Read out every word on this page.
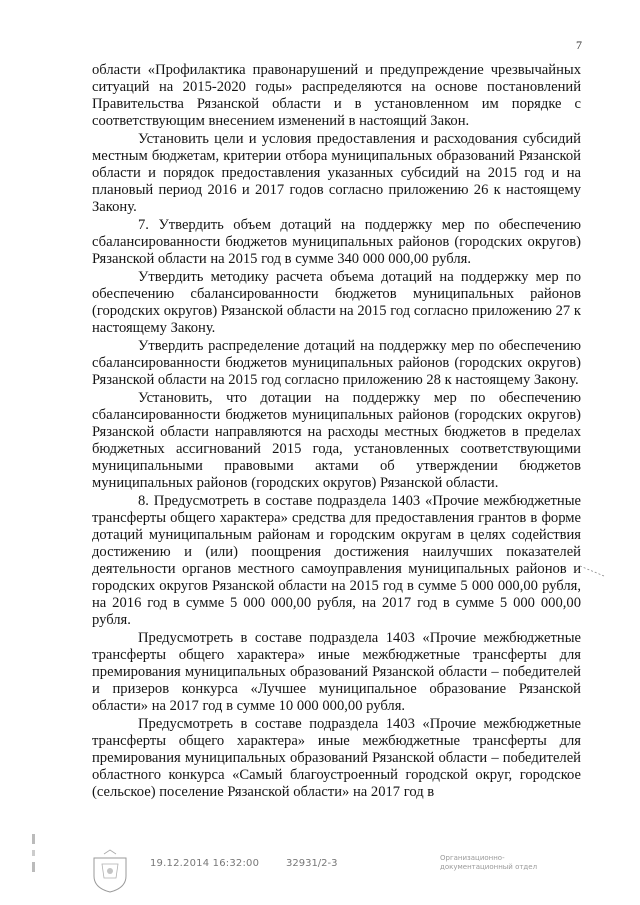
7

области «Профилактика правонарушений и предупреждение чрезвычайных ситуаций на 2015-2020 годы» распределяются на основе постановлений Правительства Рязанской области и в установленном им порядке с соответствующим внесением изменений в настоящий Закон.

Установить цели и условия предоставления и расходования субсидий местным бюджетам, критерии отбора муниципальных образований Рязанской области и порядок предоставления указанных субсидий на 2015 год и на плановый период 2016 и 2017 годов согласно приложению 26 к настоящему Закону.

7. Утвердить объем дотаций на поддержку мер по обеспечению сбалансированности бюджетов муниципальных районов (городских округов) Рязанской области на 2015 год в сумме 340 000 000,00 рубля.

Утвердить методику расчета объема дотаций на поддержку мер по обеспечению сбалансированности бюджетов муниципальных районов (городских округов) Рязанской области на 2015 год согласно приложению 27 к настоящему Закону.

Утвердить распределение дотаций на поддержку мер по обеспечению сбалансированности бюджетов муниципальных районов (городских округов) Рязанской области на 2015 год согласно приложению 28 к настоящему Закону.

Установить, что дотации на поддержку мер по обеспечению сбалансированности бюджетов муниципальных районов (городских округов) Рязанской области направляются на расходы местных бюджетов в пределах бюджетных ассигнований 2015 года, установленных соответствующими муниципальными правовыми актами об утверждении бюджетов муниципальных районов (городских округов) Рязанской области.

8. Предусмотреть в составе подраздела 1403 «Прочие межбюджетные трансферты общего характера» средства для предоставления грантов в форме дотаций муниципальным районам и городским округам в целях содействия достижению и (или) поощрения достижения наилучших показателей деятельности органов местного самоуправления муниципальных районов и городских округов Рязанской области на 2015 год в сумме 5 000 000,00 рубля, на 2016 год в сумме 5 000 000,00 рубля, на 2017 год в сумме 5 000 000,00 рубля.

Предусмотреть в составе подраздела 1403 «Прочие межбюджетные трансферты общего характера» иные межбюджетные трансферты для премирования муниципальных образований Рязанской области – победителей и призеров конкурса «Лучшее муниципальное образование Рязанской области» на 2017 год в сумме 10 000 000,00 рубля.

Предусмотреть в составе подраздела 1403 «Прочие межбюджетные трансферты общего характера» иные межбюджетные трансферты для премирования муниципальных образований Рязанской области – победителей областного конкурса «Самый благоустроенный городской округ, городское (сельское) поселение Рязанской области» на 2017 год в

19.12.2014 16:32:00	32931/2-3	Организационно-
документационный отдел
